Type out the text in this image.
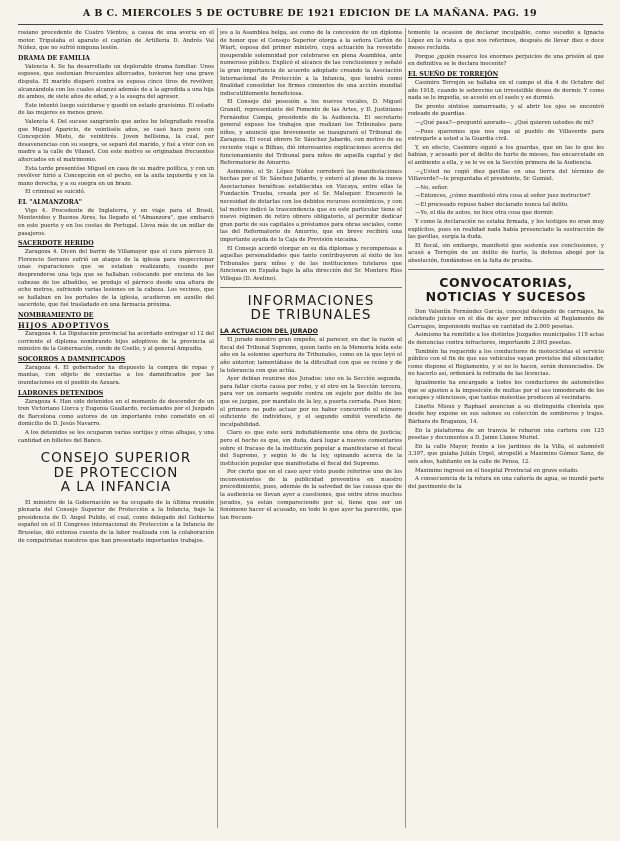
A B C. MIERCOLES 5 DE OCTUBRE DE 1921 EDICION DE LA MAÑANA. PAG. 19

rosiano procedente de Cuatro Vientos, a causa de una avería en el motor. Tripulaba el aparato el capitán de Artillería D. Andrés Val Núñez, que no sufrió ninguna lesión.

DRAMA DE FAMILIA

Valencia 4. Se ha desarrollado un deplorable drama familiar. Unos esposos, que sostenían frecuentes altercados, tuvieron hoy una grave disputa. El marido disparó contra su esposa cinco tiros de revólver, alcanzándola con los cuales alcanzó además de a la agredida a una hija de ambos, de siete años de edad, y a la suegra del agresor.

Éste intentó luego suicidarse y quedó en estado gravísimo. El estado de las mujeres es menos grave.

Valencia 4. Del suceso sangriento que antes he telegrafiado resulta que Miguel Aparicio, de veintiséis años, se casó hace poco con Concepción Mieto, de veintitrés. Joven bellísima, la cual, por desavenencias con su suegra, se separó del marido, y fué a vivir con su madre a la calle de Vilanet. Con este motivo se originaban frecuentes altercados en el matrimonio.

Esta tarde presentóse Miguel en casa de su madre política, y con un revólver hirió a Concepción en el pecho, en la axila izquierda y en la mano derecha, y a su suegra en un brazo.

El criminal se suicidó.

EL "ALMANZORA"

Vigo 4. Procedente de Inglaterra, y en viaje para el Brasil, Montevideo y Buenos Aires, ha llegado el "Almanzora", que embarcó en este puerto y en los costas de Portugal. Lleva más de un millar de pasajeros.

SACERDOTE HERIDO

Zaragoza 4. Dicen del barrio de Villamayor que el cura párroco D. Florencio Serrano sufrió un ataque de la iglesia para inspeccionar unas reparaciones que se estaban realizando, cuando por desprenderse una teja que se hallaban colocando por encima de las cabezas de los albañiles, se produjo el párroco desde una altura de ocho metros, sufriendo varias lesiones en la cabeza. Los vecinos, que se hallaban en los portales de la iglesia, acudieron en auxilio del sacerdote, que fué trasladado en una farmacia próxima.

NOMBRAMIENTO DE
HIJOS ADOPTIVOS

Zaragoza 4. La Diputación provincial ha acordado entregar el 12 del corriente el diploma nombrando hijos adoptivos de la provincia al ministro de la Gobernación, conde de Coello, y al general Ampudia.

SOCORROS A DAMNIFICADOS

Zaragoza 4. El gobernador ha dispuesto la compra de ropas y mantas, con objeto de enviarlas a los damnificados por las inundaciones en el pueblo de Azuara.

LADRONES DETENIDOS

Zaragoza 4. Han sido detenidos en el momento de descender de un tren Victoriano Llorca y Eugenia Guallardo, reclamados por el Juzgado de Barcelona como autores de un importante robo cometido en el domicilio de D. Jesús Navarro.

A los detenidos se les ocuparon varias sortijas y otras alhajas, y una cantidad en billetes del Banco.

CONSEJO SUPERIOR
DE PROTECCION
A LA INFANCIA

El ministro de la Gobernación se ha ocupado de la última reunión plenaria del Consejo Superior de Protección a la Infancia, bajo la presidencia de D. Angel Pulido, el cual, como delegado del Gobierno español en el II Congreso internacional de Protección a la Infancia de Bruselas, dió extensa cuenta de la labor realizada con la colaboración de compatriotas nuestros que han presentado importantes trabajos.

jes a la Asamblea belga, así como de la concesión de un diploma de honor que el Consejo Superior otorga a la señora Cartón de Wiart, esposa del primer ministro, cuya actuación ha revestido insuperable solemnidad por celebrarse en plena Asamblea, ante numeroso público. Explicó el alcance de las conclusiones y señaló la gran importancia de acuerdo adoptado creando la Asociación Internacional de Protección a la Infancia, que tendrá como finalidad consolidar los firmes cimientos de una acción mundial indiscutiblemente beneficiosa.

El Consejo dió posesión a los nuevos vocales, D. Miguel Granell, representante del Fomento de las Artes, y D. Justiniano Fernández Campa, presidente de la Audiencia. El secretario general expuso los trabajos que realizan los Tribunales para niños, y anunció que brevemente se inaugurará el Tribunal de Zaragoza. El vocal obrero Sr. Sánchez Jabardo, con motivo de su reciente viaje a Bilbao, dió interesantes explicaciones acerca del funcionamiento del Tribunal para niños de aquella capital y del Reformatorio de Amurrio.

Asimismo, el Sr. López Núñez corroboró las manifestaciones hechas por el Sr. Sánchez Jabardo, y enteró al pleno de la nueva Asociaciones benéficas establecidas en Vizcaya, entre ellas la Fundación Trueba, creada por el Sr. Maluquer. Encareció la necesidad de dotarlas con los debidos recursos económicos, y con tal motivo indicó la trascendencia que en este particular tiene el nuevo régimen de retiro obrero obligatorio, al permitir dedicar gran parte de sus capitales a préstamos para obras sociales, como las del Reformatorio de Amurrio, que en breve recibirá una importante ayuda de la Caja de Previsión vizcaína.

El Consejo acordó otorgar en su día diplomas y recompensas a aquellas personalidades que tanto contribuyeron al éxito de los Tribunales para niños y de las instituciones tutelares que funcionan en España bajo la alta dirección del Sr. Montero Ríos Villegas (D. Avelino).

INFORMACIONES
DE TRIBUNALES
LA ACTUACION DEL JURADO

El jurado nuestro gran empeño, al parecer, en dar la razón al fiscal del Tribunal Supremo, quien tanto en la Memoria leída este año en la solemne apertura de Tribunales, como en la que leyó el año anterior, lamentábase de la dificultad con que se reúne y de la tolerancia con que actúa.

Ayer debían reunirse dos Jurados: uno en la Sección segunda, para fallar cierta causa por robo, y el otro en la Sección tercera, para ver un sumario seguido contra un sujeto por delito de los que se juzgan, por mandato de la ley, a puerta cerrada. Pues bien; el primero no pudo actuar por no haber concurrido el número suficiente de individuos, y el segundo emitió veredicto de inculpabilidad.

Claro es que este será indudablemente una obra de justicia; pero el hecho es que, sin duda, dará lugar a nuevos comentarios sobre el fracaso de la institución popular a manifestarse el fiscal del Supremo, y según lo de la ley, opinando acerca de la institución popular que manifestaba el fiscal del Supremo.

Por cierto que en el caso ayer visto puede referirse uno de los inconvenientes de la publicidad preventiva en nuestro procedimiento, pues, además de la salvedad de las causas que de la audiencia se llevan ayer a cuestiones, que entre otros muchos jurados, ya están compareciendo por sí, tiene que ser un fenómeno hacer el acusado, en todo lo que ayer ha parecido, que tan frecuen-

temente la ocasión de declarar inculpable, como sucedió a Ignacia López en la vista a que nos referimos, después de llevar diez o doce meses recluida.

Porque ¿quién resarce los enormes perjuicios de una prisión al que en definitiva se le declara inocente?

EL SUEÑO DE TORREJÓN

Casimiro Torrejón se hallaba en el campo el día 4 de Octubre del año 1918, cuando le sobrevino un irresistible deseo de dormir. Y como nada se lo impedía, se acostó en el suelo y se durmió.

De pronto sintióse zamarreado, y al abrir los ojos se encontró rodeado de guardias.

—¿Qué pasa?—preguntó azorado—. ¿Qué quieren ustedes de mí?

—Pues queremos que nos siga al pueblo de Villaverde para entregarle a usted a la Guardia civil.

Y, en efecto, Casimiro siguió a los guardas, que en las lo que les habían, y acusado por el delito de hurto de mieses, fue encarcelado en el ambiente a ella, y se le ve en la Sección primera de la Audiencia.

—¿Usted no cogió diez gavillas en una tierra del término de Villaverde?—le preguntaba el presidente, Sr. Gumiel.

—No, señor.

—Entonces, ¿cómo manifestó otra cosa al señor juez instructor?

—El procesado repuso haber declarado nunca tal delito.

—Yo, el día de autos, no hice otra cosa que dormir.

Y como la declaración no estaba firmada, y los testigos no eran muy explícitos, pues en realidad nada había presenciado la sustracción de las gavillas, surgía la duda.

El fiscal, sin embargo, manifestó que sostenía sus conclusiones, y acusó a Torrejón de un delito de hurto, la defensa abogó por la absolución, fundándose en la falta de prueba.

CONVOCATORIAS,
NOTICIAS Y SUCESOS

Don Valentín Fernández García, concejal delegado de carruajes, ha celebrado juicios en el día de ayer por infracción al Reglamento de Carruajes, imponiendo multas en cantidad de 2.000 pesetas.

Asimismo ha remitido a los distintos Juzgados municipales 119 actas de denuncias contra infractores, importando 2.903 pesetas.

También ha requerido a los conductores de motocicletas el servicio público con el fin de que sus vehículos vayan provistos del silenciador, como dispone el Reglamento, y si no lo hacen, serán denunciados. De no hacerlo así, ordenará la retirada de las licencias.

Igualmente ha encargado a todos los conductores de automóviles que se ajusten a la imposición de multas por el uso inmoderado de los escapes y silenciosos, que tantas molestias producen al vecindario.

Linette Mioux y Raphael anuncian a su distinguida clientela que desde hoy expone en sus salones su colección de sombreros y trajes. Bárbara de Braganza, 14.

En la plataforma de un tranvía le robaron una cartera con 125 pesetas y documentos a D. Jaime Llanos Muriel.

En la calle Mayor, frente a los jardines de la Villa, el automóvil 3.397, que guiaba Julián Urgel, atropelló a Maximino Gómez Sanz, de seis años, habitante en la calle de Pensa, 12.

Maximino ingresó en el hospital Provincial en grave estado.

A consecuencia de la rotura en una cañería de agua, se inundó parte del pavimento de la
